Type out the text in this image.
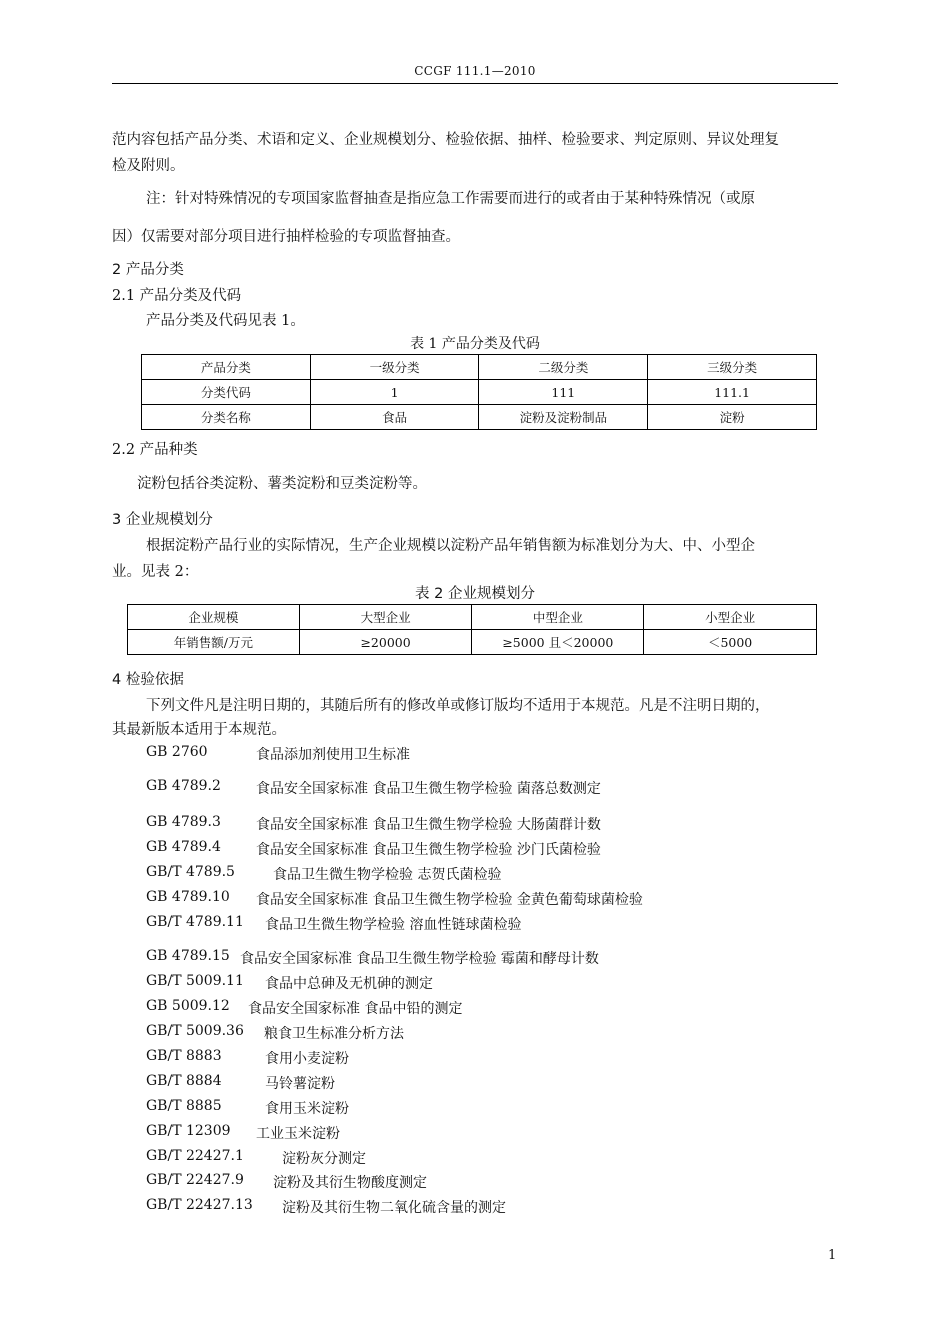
CCGF 111.1—2010
范内容包括产品分类、术语和定义、企业规模划分、检验依据、抽样、检验要求、判定原则、异议处理复
检及附则。
注：针对特殊情况的专项国家监督抽查是指应急工作需要而进行的或者由于某种特殊情况（或原
因）仅需要对部分项目进行抽样检验的专项监督抽查。
2 产品分类
2.1 产品分类及代码
产品分类及代码见表 1。
表 1 产品分类及代码
产品分类	一级分类	二级分类	三级分类
分类代码	1	111	111.1
分类名称	食品	淀粉及淀粉制品	淀粉
2.2 产品种类
淀粉包括谷类淀粉、薯类淀粉和豆类淀粉等。
3 企业规模划分
根据淀粉产品行业的实际情况，生产企业规模以淀粉产品年销售额为标准划分为大、中、小型企
业。见表 2：
表 2 企业规模划分
企业规模	大型企业	中型企业	小型企业
年销售额/万元	≥20000	≥5000 且＜20000	＜5000
4 检验依据
下列文件凡是注明日期的，其随后所有的修改单或修订版均不适用于本规范。凡是不注明日期的，
其最新版本适用于本规范。
GB 2760	食品添加剂使用卫生标准
GB 4789.2	食品安全国家标准 食品卫生微生物学检验 菌落总数测定
GB 4789.3	食品安全国家标准 食品卫生微生物学检验 大肠菌群计数
GB 4789.4	食品安全国家标准 食品卫生微生物学检验 沙门氏菌检验
GB/T 4789.5	食品卫生微生物学检验 志贺氏菌检验
GB 4789.10 食品安全国家标准 食品卫生微生物学检验 金黄色葡萄球菌检验
GB/T 4789.11 食品卫生微生物学检验 溶血性链球菌检验
GB 4789.15 食品安全国家标准 食品卫生微生物学检验 霉菌和酵母计数
GB/T 5009.11 食品中总砷及无机砷的测定
GB 5009.12 食品安全国家标准 食品中铅的测定
GB/T 5009.36 粮食卫生标准分析方法
GB/T 8883	食用小麦淀粉
GB/T 8884	马铃薯淀粉
GB/T 8885	食用玉米淀粉
GB/T 12309 工业玉米淀粉
GB/T 22427.1	淀粉灰分测定
GB/T 22427.9 淀粉及其衍生物酸度测定
GB/T 22427.13 淀粉及其衍生物二氧化硫含量的测定
1
